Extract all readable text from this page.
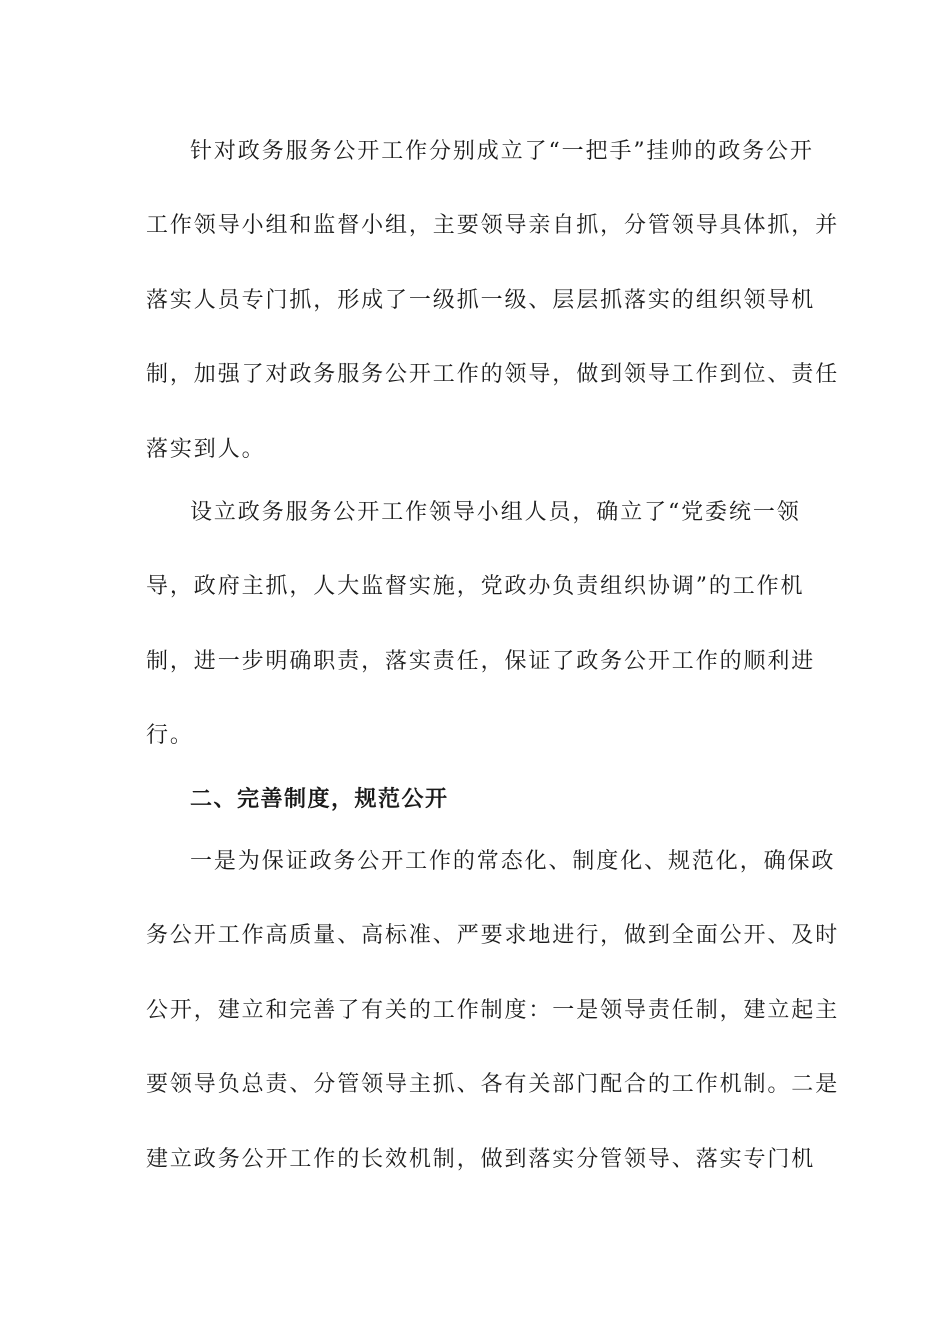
针对政务服务公开工作分别成立了“一把手”挂帅的政务公开
工作领导小组和监督小组，主要领导亲自抓，分管领导具体抓，并
落实人员专门抓，形成了一级抓一级、层层抓落实的组织领导机
制，加强了对政务服务公开工作的领导，做到领导工作到位、责任
落实到人。
设立政务服务公开工作领导小组人员，确立了“党委统一领
导，政府主抓，人大监督实施，党政办负责组织协调”的工作机
制，进一步明确职责，落实责任，保证了政务公开工作的顺利进
行。
二、完善制度，规范公开
一是为保证政务公开工作的常态化、制度化、规范化，确保政
务公开工作高质量、高标准、严要求地进行，做到全面公开、及时
公开，建立和完善了有关的工作制度：一是领导责任制，建立起主
要领导负总责、分管领导主抓、各有关部门配合的工作机制。二是
建立政务公开工作的长效机制，做到落实分管领导、落实专门机
